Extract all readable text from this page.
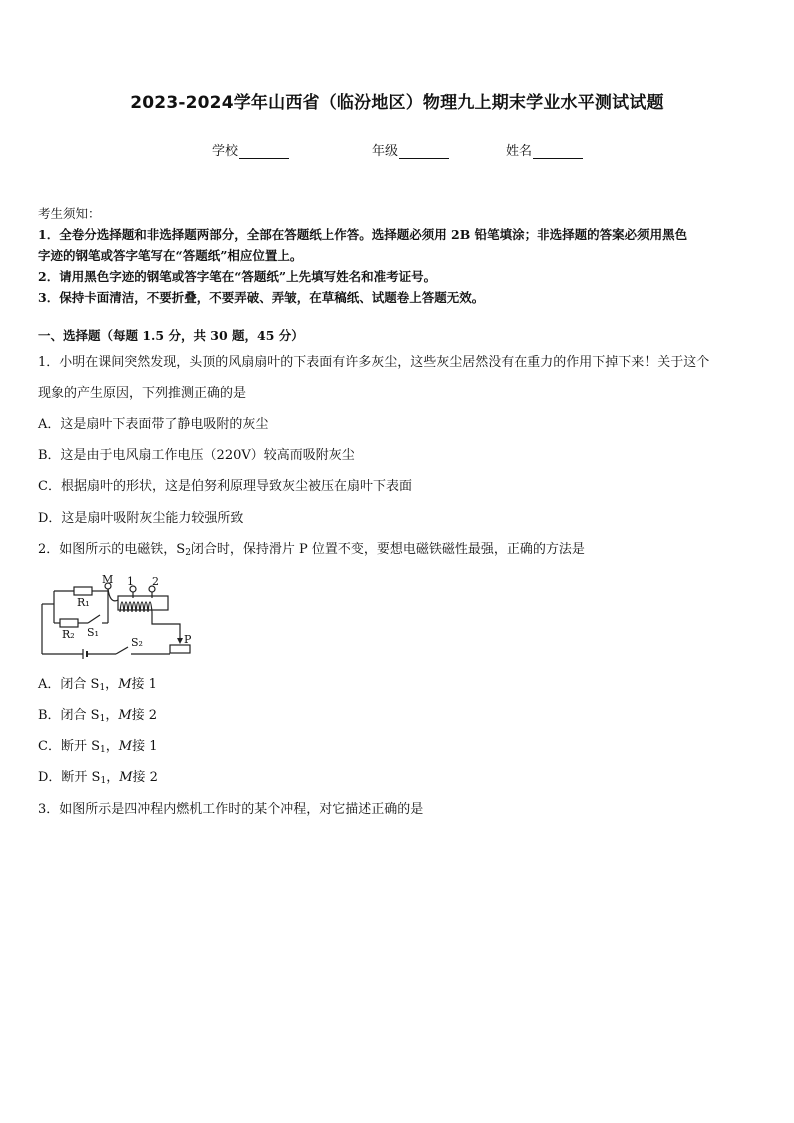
2023-2024学年山西省（临汾地区）物理九上期末学业水平测试试题
学校	年级	姓名
考生须知：
1．全卷分选择题和非选择题两部分，全部在答题纸上作答。选择题必须用 2B 铅笔填涂；非选择题的答案必须用黑色
字迹的钢笔或答字笔写在“答题纸”相应位置上。
2．请用黑色字迹的钢笔或答字笔在“答题纸”上先填写姓名和准考证号。
3．保持卡面清洁，不要折叠，不要弄破、弄皱，在草稿纸、试题卷上答题无效。
一、选择题（每题 1.5 分，共 30 题，45 分）
1．小明在课间突然发现，头顶的风扇扇叶的下表面有许多灰尘，这些灰尘居然没有在重力的作用下掉下来！关于这个
现象的产生原因，下列推测正确的是
A．这是扇叶下表面带了静电吸附的灰尘
B．这是由于电风扇工作电压（220V）较高而吸附灰尘
C．根据扇叶的形状，这是伯努利原理导致灰尘被压在扇叶下表面
D．这是扇叶吸附灰尘能力较强所致
2．如图所示的电磁铁，$S_2$闭合时，保持滑片 P 位置不变，要想电磁铁磁性最强，正确的方法是
M 1 2
R₁
R₂ S₁
S₂	P
A．闭合 $S_1$，M接 1
B．闭合 $S_1$，M接 2
C．断开 $S_1$，M接 1
D．断开 $S_1$，M接 2
3．如图所示是四冲程内燃机工作时的某个冲程，对它描述正确的是
